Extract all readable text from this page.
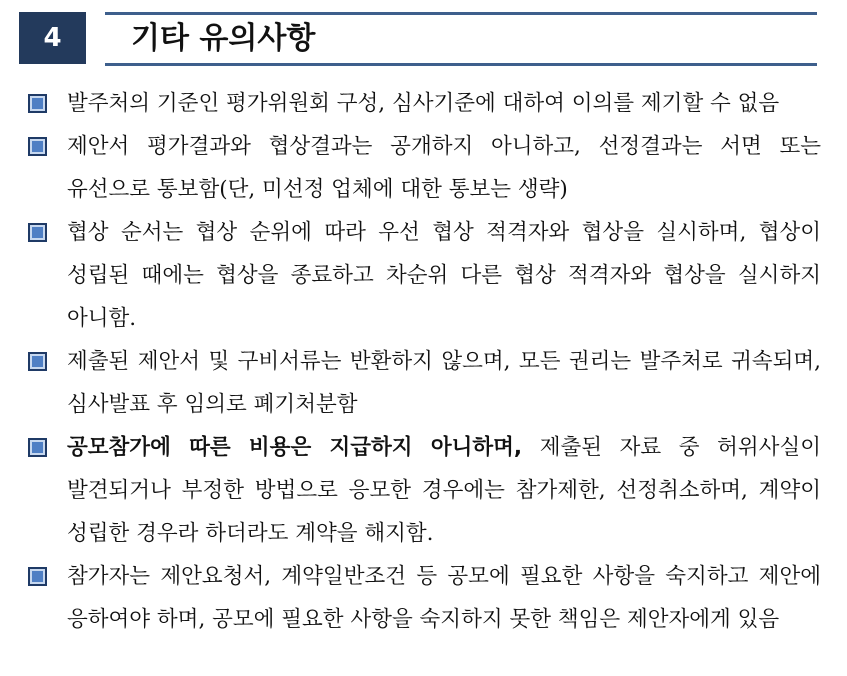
4 기타 유의사항
발주처의 기준인 평가위원회 구성, 심사기준에 대하여 이의를 제기할 수 없음
제안서 평가결과와 협상결과는 공개하지 아니하고, 선정결과는 서면 또는 유선으로 통보함(단, 미선정 업체에 대한 통보는 생략)
협상 순서는 협상 순위에 따라 우선 협상 적격자와 협상을 실시하며, 협상이 성립된 때에는 협상을 종료하고 차순위 다른 협상 적격자와 협상을 실시하지 아니함.
제출된 제안서 및 구비서류는 반환하지 않으며, 모든 권리는 발주처로 귀속되며, 심사발표 후 임의로 폐기처분함
공모참가에 따른 비용은 지급하지 아니하며, 제출된 자료 중 허위사실이 발견되거나 부정한 방법으로 응모한 경우에는 참가제한, 선정취소하며, 계약이 성립한 경우라 하더라도 계약을 해지함.
참가자는 제안요청서, 계약일반조건 등 공모에 필요한 사항을 숙지하고 제안에 응하여야 하며, 공모에 필요한 사항을 숙지하지 못한 책임은 제안자에게 있음
